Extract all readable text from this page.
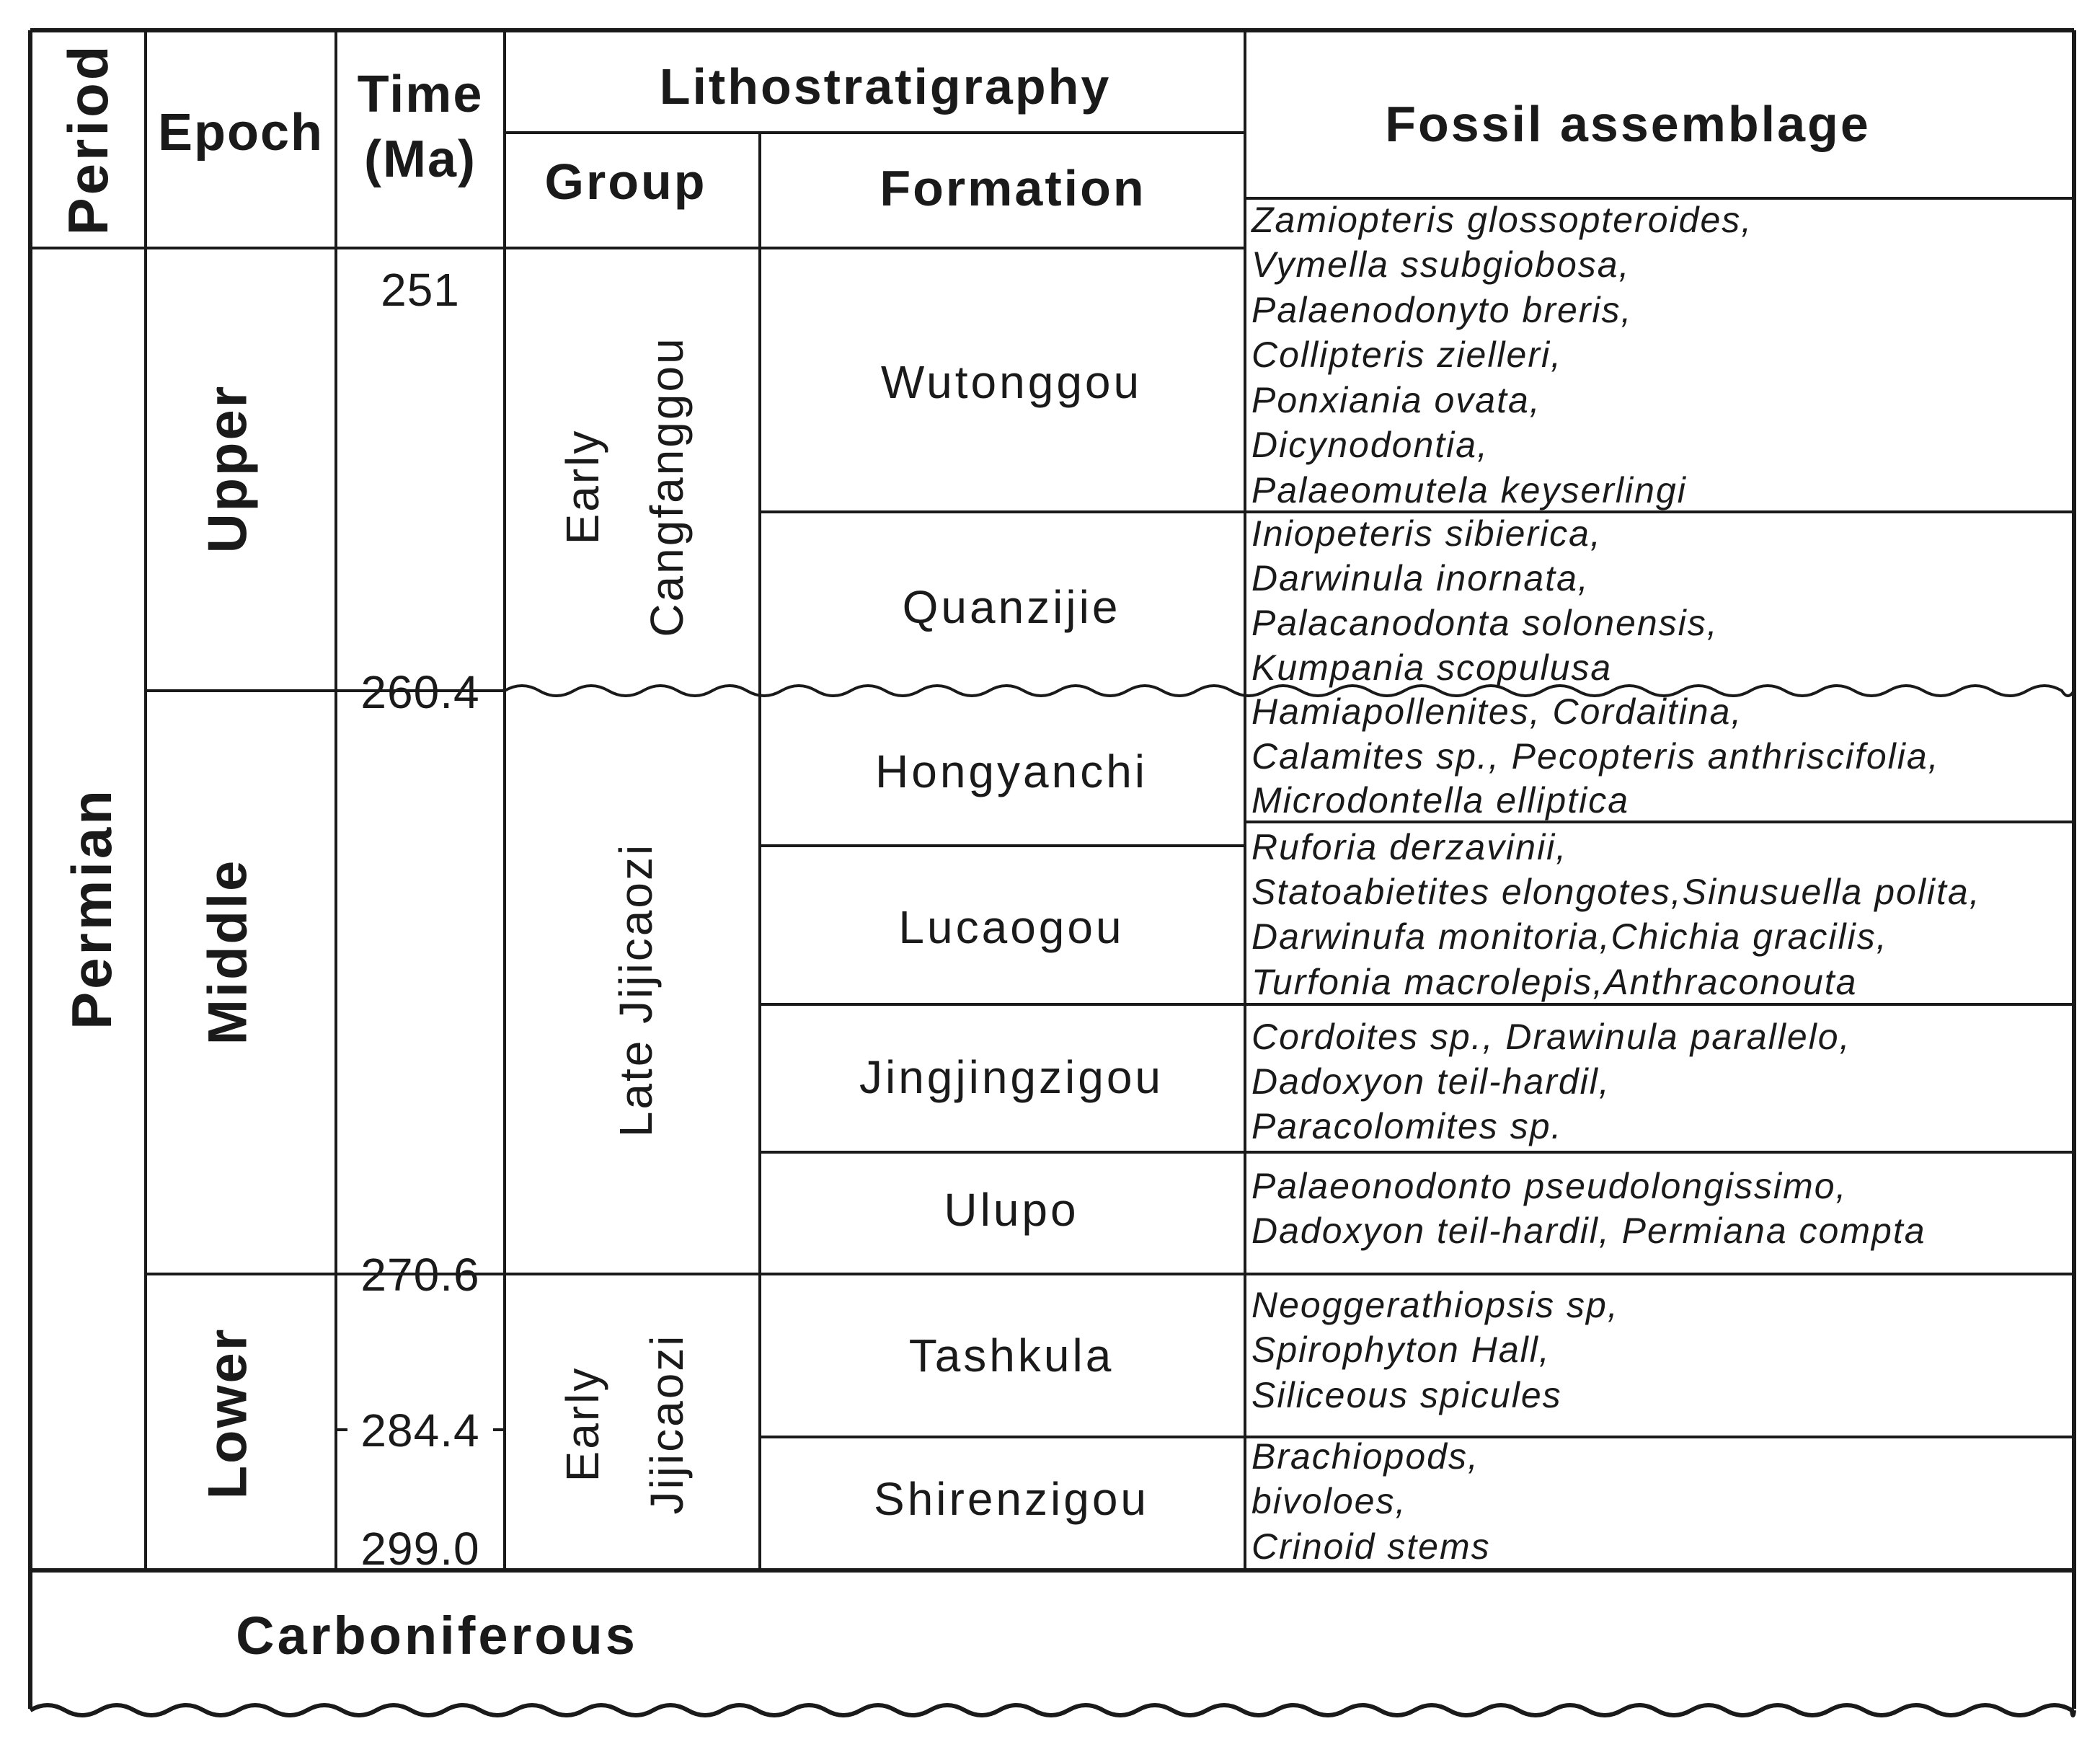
Period Epoch
Time
(Ma)
Lithostratigraphy
Group	Formation
Fossil assemblage
Permian
Upper
Middle
Lower
251
260.4
270.6
284.4
299.0
Early Cangfanggou
Late Jijicaozi
Early Jijicaozi
Wutonggou
Zamiopteris glossopteroides,
Vymella ssubgiobosa,
Palaenodonyto breris,
Collipteris zielleri,
Ponxiania ovata,
Dicynodontia,
Palaeomutela keyserlingi
Quanzijie
Iniopeteris sibierica,
Darwinula inornata,
Palacanodonta solonensis,
Kumpania scopulusa
Hongyanchi
Hamiapollenites, Cordaitina,
Calamites sp., Pecopteris anthriscifolia,
Microdontella elliptica
Lucaogou
Ruforia derzavinii,
Statoabietites elongotes,Sinusuella polita,
Darwinufa monitoria,Chichia gracilis,
Turfonia macrolepis,Anthraconouta
Jingjingzigou
Cordoites sp., Drawinula parallelo,
Dadoxyon teil-hardil,
Paracolomites sp.
Ulupo	Palaeonodonto pseudolongissimo,
Dadoxyon teil-hardil, Permiana compta
Tashkula
Neoggerathiopsis sp,
Spirophyton Hall,
Siliceous spicules
Shirenzigou
Brachiopods,
bivoloes,
Crinoid stems
Carboniferous
